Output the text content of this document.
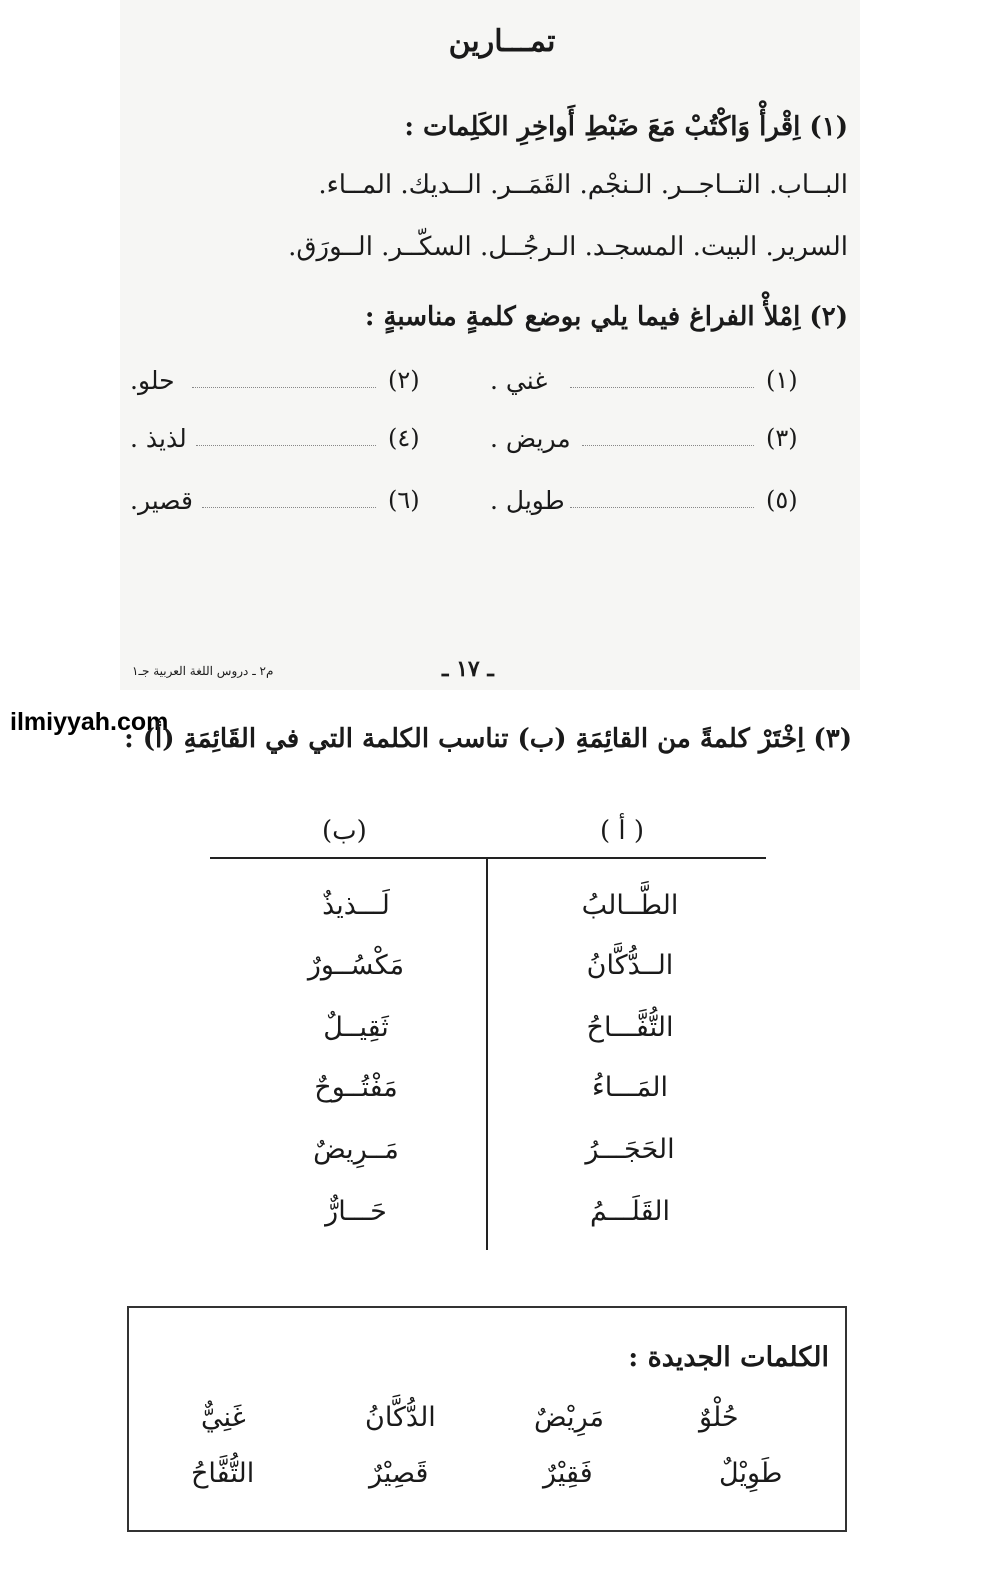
تمـــارين
(١) اِقْرأْ وَاكْتُبْ مَعَ ضَبْطِ أَواخِرِ الكَلِمات :
البــاب. التــاجــر. الـنجْم. القَمَــر. الــديك. المــاء.
السرير. البيت. المسجـد. الـرجُــل. السكّــر. الــورَق.
(٢) اِمْلأْ الفراغ فيما يلي بوضع كلمةٍ مناسبةٍ :
(١)
غني .
(٢)
حلو.
(٣)
مريض .
(٤)
لذيذ .
(٥)
طويل .
(٦)
قصير.
م٢ ـ دروس اللغة العربية جـ١	ـ ١٧ ـ
ilmiyyah.com
(٣) اِخْتَرْ كلمةً من القائِمَةِ (ب) تناسب الكلمة التي في القَائِمَةِ (أ) :
( أ )
(ب)
الطَّــالبُ
الــدُّكَّانُ
التُّفَّـــاحُ
المَـــاءُ
الحَجَـــرُ
القَلَـــمُ
لَـــذيذٌ
مَكْسُــورٌ
ثَقِيــلٌ
مَفْتُــوحٌ
مَــرِيضٌ
حَـــارٌّ
الكلمات الجديدة :
حُلْوٌ
مَرِيْضٌ
الدُّكَّانُ
غَنِيٌّ
طَوِيْلٌ
فَقِيْرٌ
قَصِيْرٌ
التُّفَّاحُ
